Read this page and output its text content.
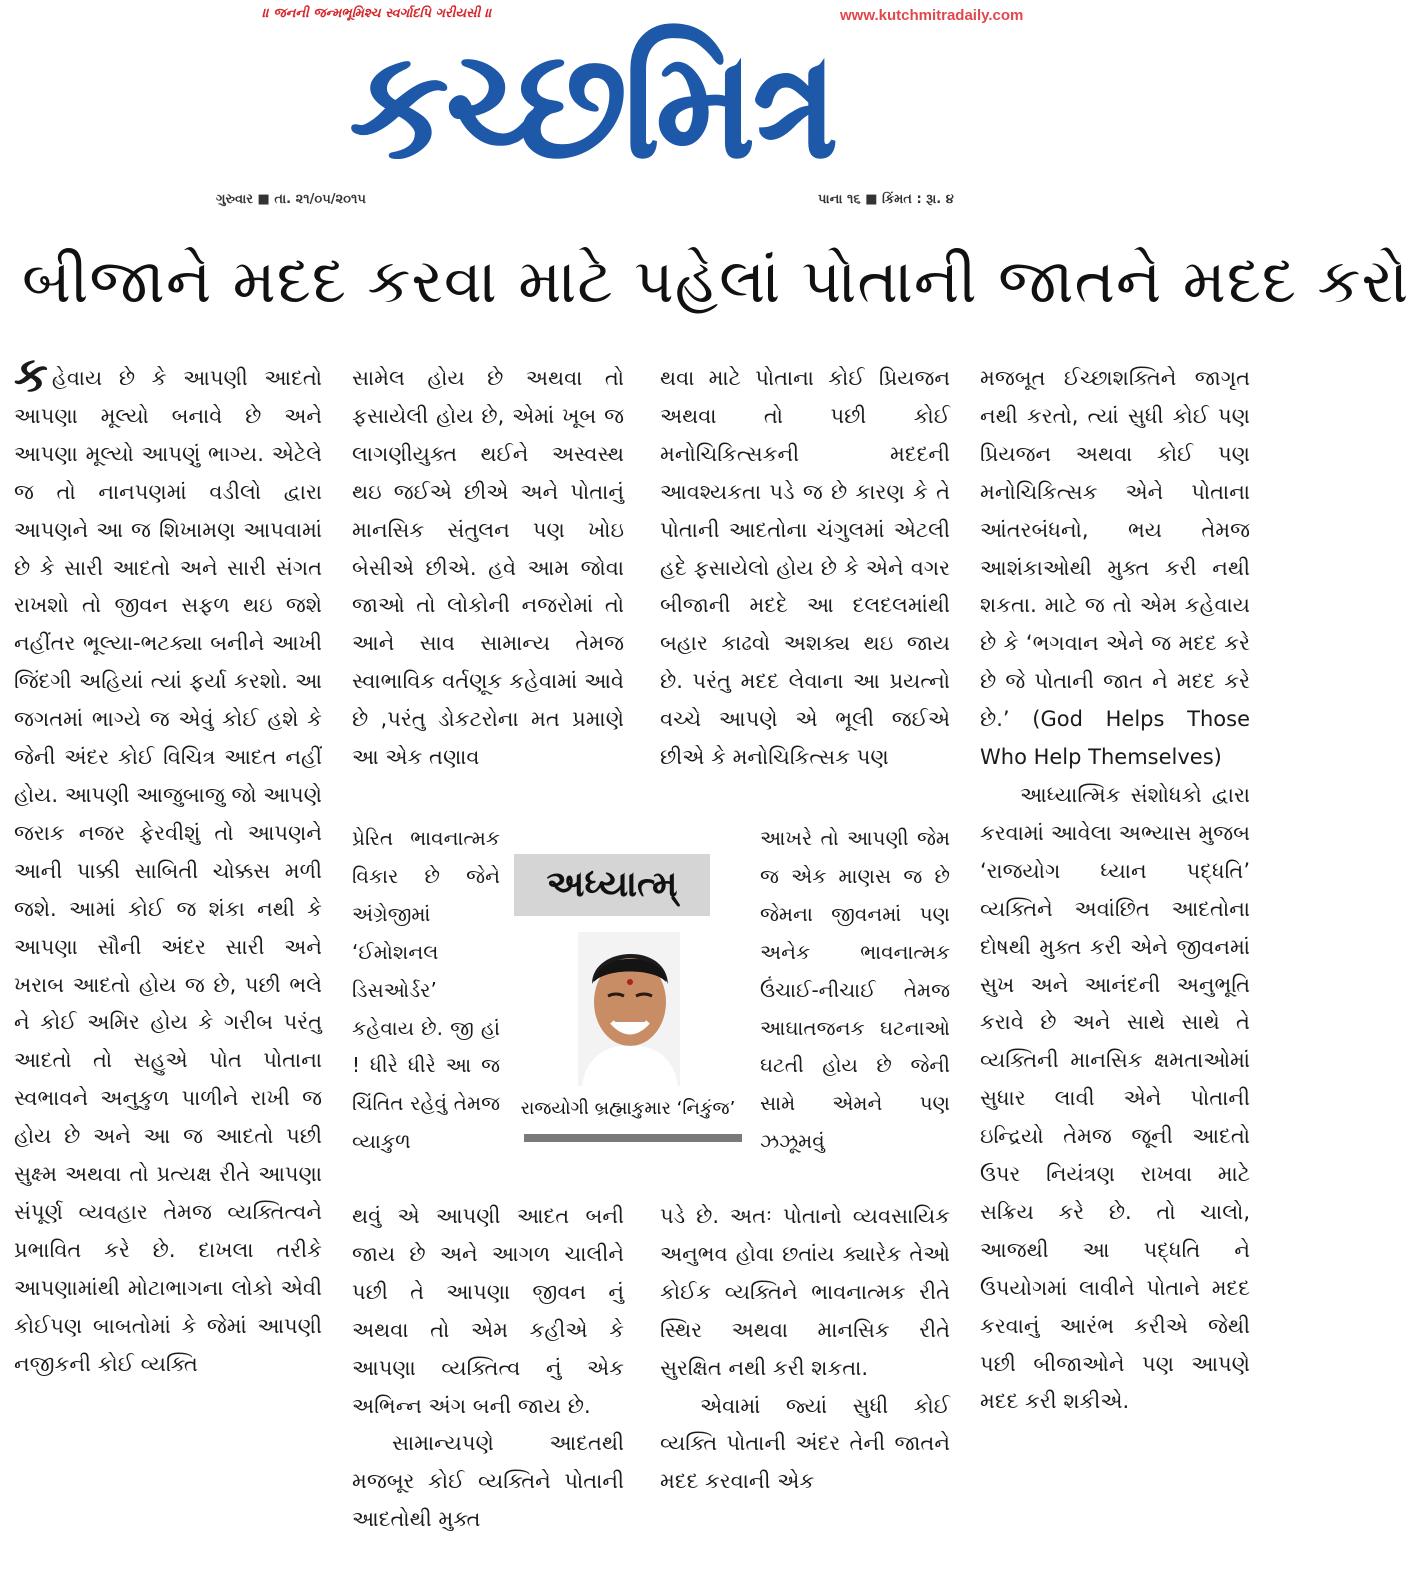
॥ જનની જન્મભૂમિશ્ચ સ્વર્ગાદપિ ગરીયસી ॥	www.kutchmitradaily.com
કચ્છમિત્ર
ગુરુવાર ■ તા. ૨૧/૦૫/૨૦૧૫	પાના ૧૬ ■ કિંમત : રૂા. ૪
બીજાને મદદ કરવા માટે પહેલાં પોતાની જાતને મદદ કરો

કહેવાય છે કે આપણી આદતો આપણા મૂલ્યો બનાવે છે અને આપણા મૂલ્યો આપણું ભાગ્ય. એટેલે જ તો નાનપણમાં વડીલો દ્વારા આપણને આ જ શિખામણ આપવામાં છે કે સારી આદતો અને સારી સંગત રાખશો તો જીવન સફળ થઇ જશે નહીંતર ભૂલ્યા-ભટક્યા બનીને આખી જિંદગી અહિયાં ત્યાં ફર્યા કરશો. આ જગતમાં ભાગ્યે જ એવું કોઈ હશે કે જેની અંદર કોઈ વિચિત્ર આદત નહીં હોય. આપણી આજુબાજુ જો આપણે જરાક નજર ફેરવીશું તો આપણને આની પાક્કી સાબિતી ચોક્કસ મળી જશે. આમાં કોઈ જ શંકા નથી કે આપણા સૌની અંદર સારી અને ખરાબ આદતો હોય જ છે, પછી ભલે ને કોઈ અમિર હોય કે ગરીબ પરંતુ આદતો તો સહુએ પોત પોતાના સ્વભાવને અનુકુળ પાળીને રાખી જ હોય છે અને આ જ આદતો પછી સુક્ષ્મ અથવા તો પ્રત્યક્ષ રીતે આપણા સંપૂર્ણ વ્યવહાર તેમજ વ્યક્તિત્વને પ્રભાવિત કરે છે. દાખલા તરીકે આપણામાંથી મોટાભાગના લોકો એવી કોઈપણ બાબતોમાં કે જેમાં આપણી નજીકની કોઈ વ્યક્તિ

સામેલ હોય છે અથવા તો ફસાયેલી હોય છે, એમાં ખૂબ જ લાગણીયુક્ત થઈને અસ્વસ્થ થઇ જઈએ છીએ અને પોતાનું માનસિક સંતુલન પણ ખોઇ બેસીએ છીએ. હવે આમ જોવા જાઓ તો લોકોની નજરોમાં તો આને સાવ સામાન્ય તેમજ સ્વાભાવિક વર્તણૂક કહેવામાં આવે છે ,પરંતુ ડોકટરોના મત પ્રમાણે આ એક તણાવ

પ્રેરિત ભાવનાત્મક વિકાર છે જેને અંગ્રેજીમાં ‘ઈમોશનલ ડિસઓર્ડર’ કહેવાય છે. જી હાં ! ધીરે ધીરે આ જ ચિંતિત રહેવું તેમજ વ્યાકુળ

થવું એ આપણી આદત બની જાય છે અને આગળ ચાલીને પછી તે આપણા જીવન નું અથવા તો એમ કહીએ કે આપણા વ્યક્તિત્વ નું એક અભિન્ન અંગ બની જાય છે.

સામાન્યપણે આદતથી મજબૂર કોઈ વ્યક્તિને પોતાની આદતોથી મુક્ત

થવા માટે પોતાના કોઈ પ્રિયજન અથવા તો પછી કોઈ મનોચિકિત્સકની મદદની આવશ્યકતા પડે જ છે કારણ કે તે પોતાની આદતોના ચંગુલમાં એટલી હદે ફસાયેલો હોય છે કે એને વગર બીજાની મદદે આ દલદલમાંથી બહાર કાઢવો અશક્ય થઇ જાય છે. પરંતુ મદદ લેવાના આ પ્રયત્નો વચ્ચે આપણે એ ભૂલી જઈએ છીએ કે મનોચિકિત્સક પણ

આખરે તો આપણી જેમ જ એક માણસ જ છે જેમના જીવનમાં પણ અનેક ભાવનાત્મક ઉંચાઈ-નીચાઈ તેમજ આઘાતજનક ઘટનાઓ ઘટતી હોય છે જેની સામે એમને પણ ઝઝૂમવું

પડે છે. અતઃ પોતાનો વ્યવસાયિક અનુભવ હોવા છતાંય ક્યારેક તેઓ કોઈક વ્યક્તિને ભાવનાત્મક રીતે સ્થિર અથવા માનસિક રીતે સુરક્ષિત નથી કરી શકતા.

એવામાં જ્યાં સુધી કોઈ વ્યક્તિ પોતાની અંદર તેની જાતને મદદ કરવાની એક

મજબૂત ઈચ્છાશક્તિને જાગૃત નથી કરતો, ત્યાં સુધી કોઈ પણ પ્રિયજન અથવા કોઈ પણ મનોચિકિત્સક એને પોતાના આંતરબંધનો, ભય તેમજ આશંકાઓથી મુક્ત કરી નથી શકતા. માટે જ તો એમ કહેવાય છે કે ‘ભગવાન એને જ મદદ કરે છે જે પોતાની જાત ને મદદ કરે છે.’ (God Helps Those Who Help Themselves)

આધ્યાત્મિક સંશોધકો દ્વારા કરવામાં આવેલા અભ્યાસ મુજબ ‘રાજયોગ ધ્યાન પદ્ધતિ’ વ્યક્તિને અવાંછિત આદતોના દોષથી મુક્ત કરી એને જીવનમાં સુખ અને આનંદની અનુભૂતિ કરાવે છે અને સાથે સાથે તે વ્યક્તિની માનસિક ક્ષમતાઓમાં સુધાર લાવી એને પોતાની ઇન્દ્રિયો તેમજ જૂની આદતો ઉપર નિયંત્રણ રાખવા માટે સક્રિય કરે છે. તો ચાલો, આજથી આ પદ્ધતિ ને ઉપયોગમાં લાવીને પોતાને મદદ કરવાનું આરંભ કરીએ જેથી પછી બીજાઓને પણ આપણે મદદ કરી શકીએ.

અધ્યાત્મ્
રાજયોગી બ્રહ્માકુમાર ‘નિકુંજ’
